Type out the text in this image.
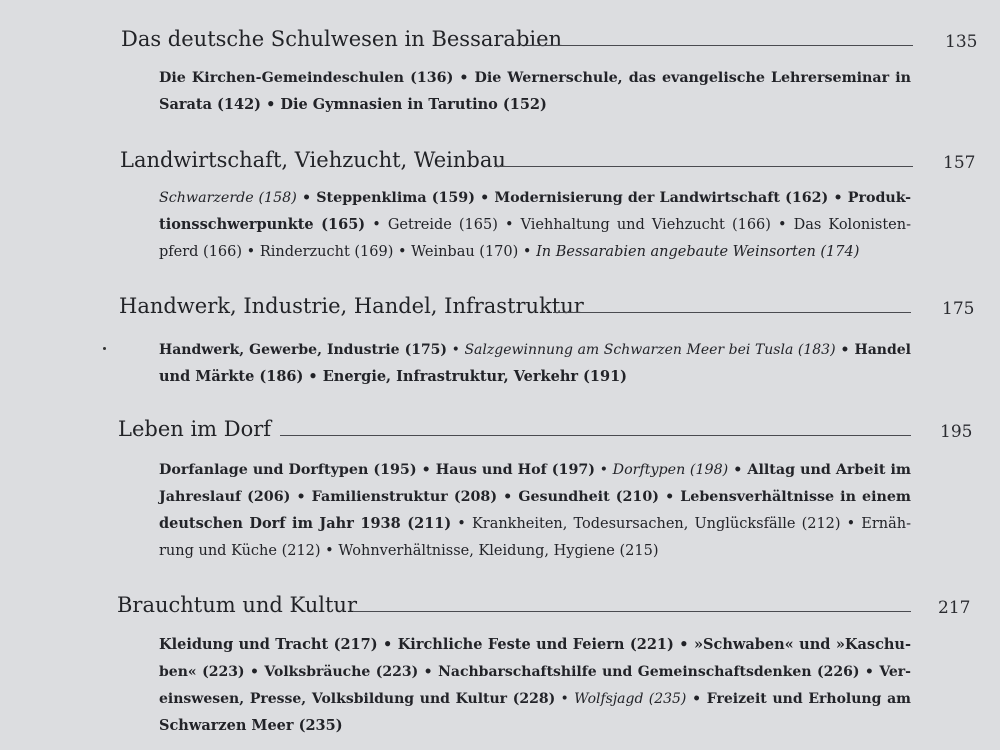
Das deutsche Schulwesen in Bessarabien	135
Die Kirchen-Gemeindeschulen (136) • Die Wernerschule, das evangelische Lehrerseminar in
Sarata (142) • Die Gymnasien in Tarutino (152)
Landwirtschaft, Viehzucht, Weinbau	157
Schwarzerde (158) • Steppenklima (159) • Modernisierung der Landwirtschaft (162) • Produk-
tionsschwerpunkte (165) • Getreide (165) • Viehhaltung und Viehzucht (166) • Das Kolonisten-
pferd (166) • Rinderzucht (169) • Weinbau (170) • In Bessarabien angebaute Weinsorten (174)
Handwerk, Industrie, Handel, Infrastruktur	175
Handwerk, Gewerbe, Industrie (175) • Salzgewinnung am Schwarzen Meer bei Tusla (183) • Handel
und Märkte (186) • Energie, Infrastruktur, Verkehr (191)
Leben im Dorf	195
Dorfanlage und Dorftypen (195) • Haus und Hof (197) • Dorftypen (198) • Alltag und Arbeit im
Jahreslauf (206) • Familienstruktur (208) • Gesundheit (210) • Lebensverhältnisse in einem
deutschen Dorf im Jahr 1938 (211) • Krankheiten, Todesursachen, Unglücksfälle (212) • Ernäh-
rung und Küche (212) • Wohnverhältnisse, Kleidung, Hygiene (215)
Brauchtum und Kultur	217
Kleidung und Tracht (217) • Kirchliche Feste und Feiern (221) • »Schwaben« und »Kaschu-
ben« (223) • Volksbräuche (223) • Nachbarschaftshilfe und Gemeinschaftsdenken (226) • Ver-
einswesen, Presse, Volksbildung und Kultur (228) • Wolfsjagd (235) • Freizeit und Erholung am
Schwarzen Meer (235)
